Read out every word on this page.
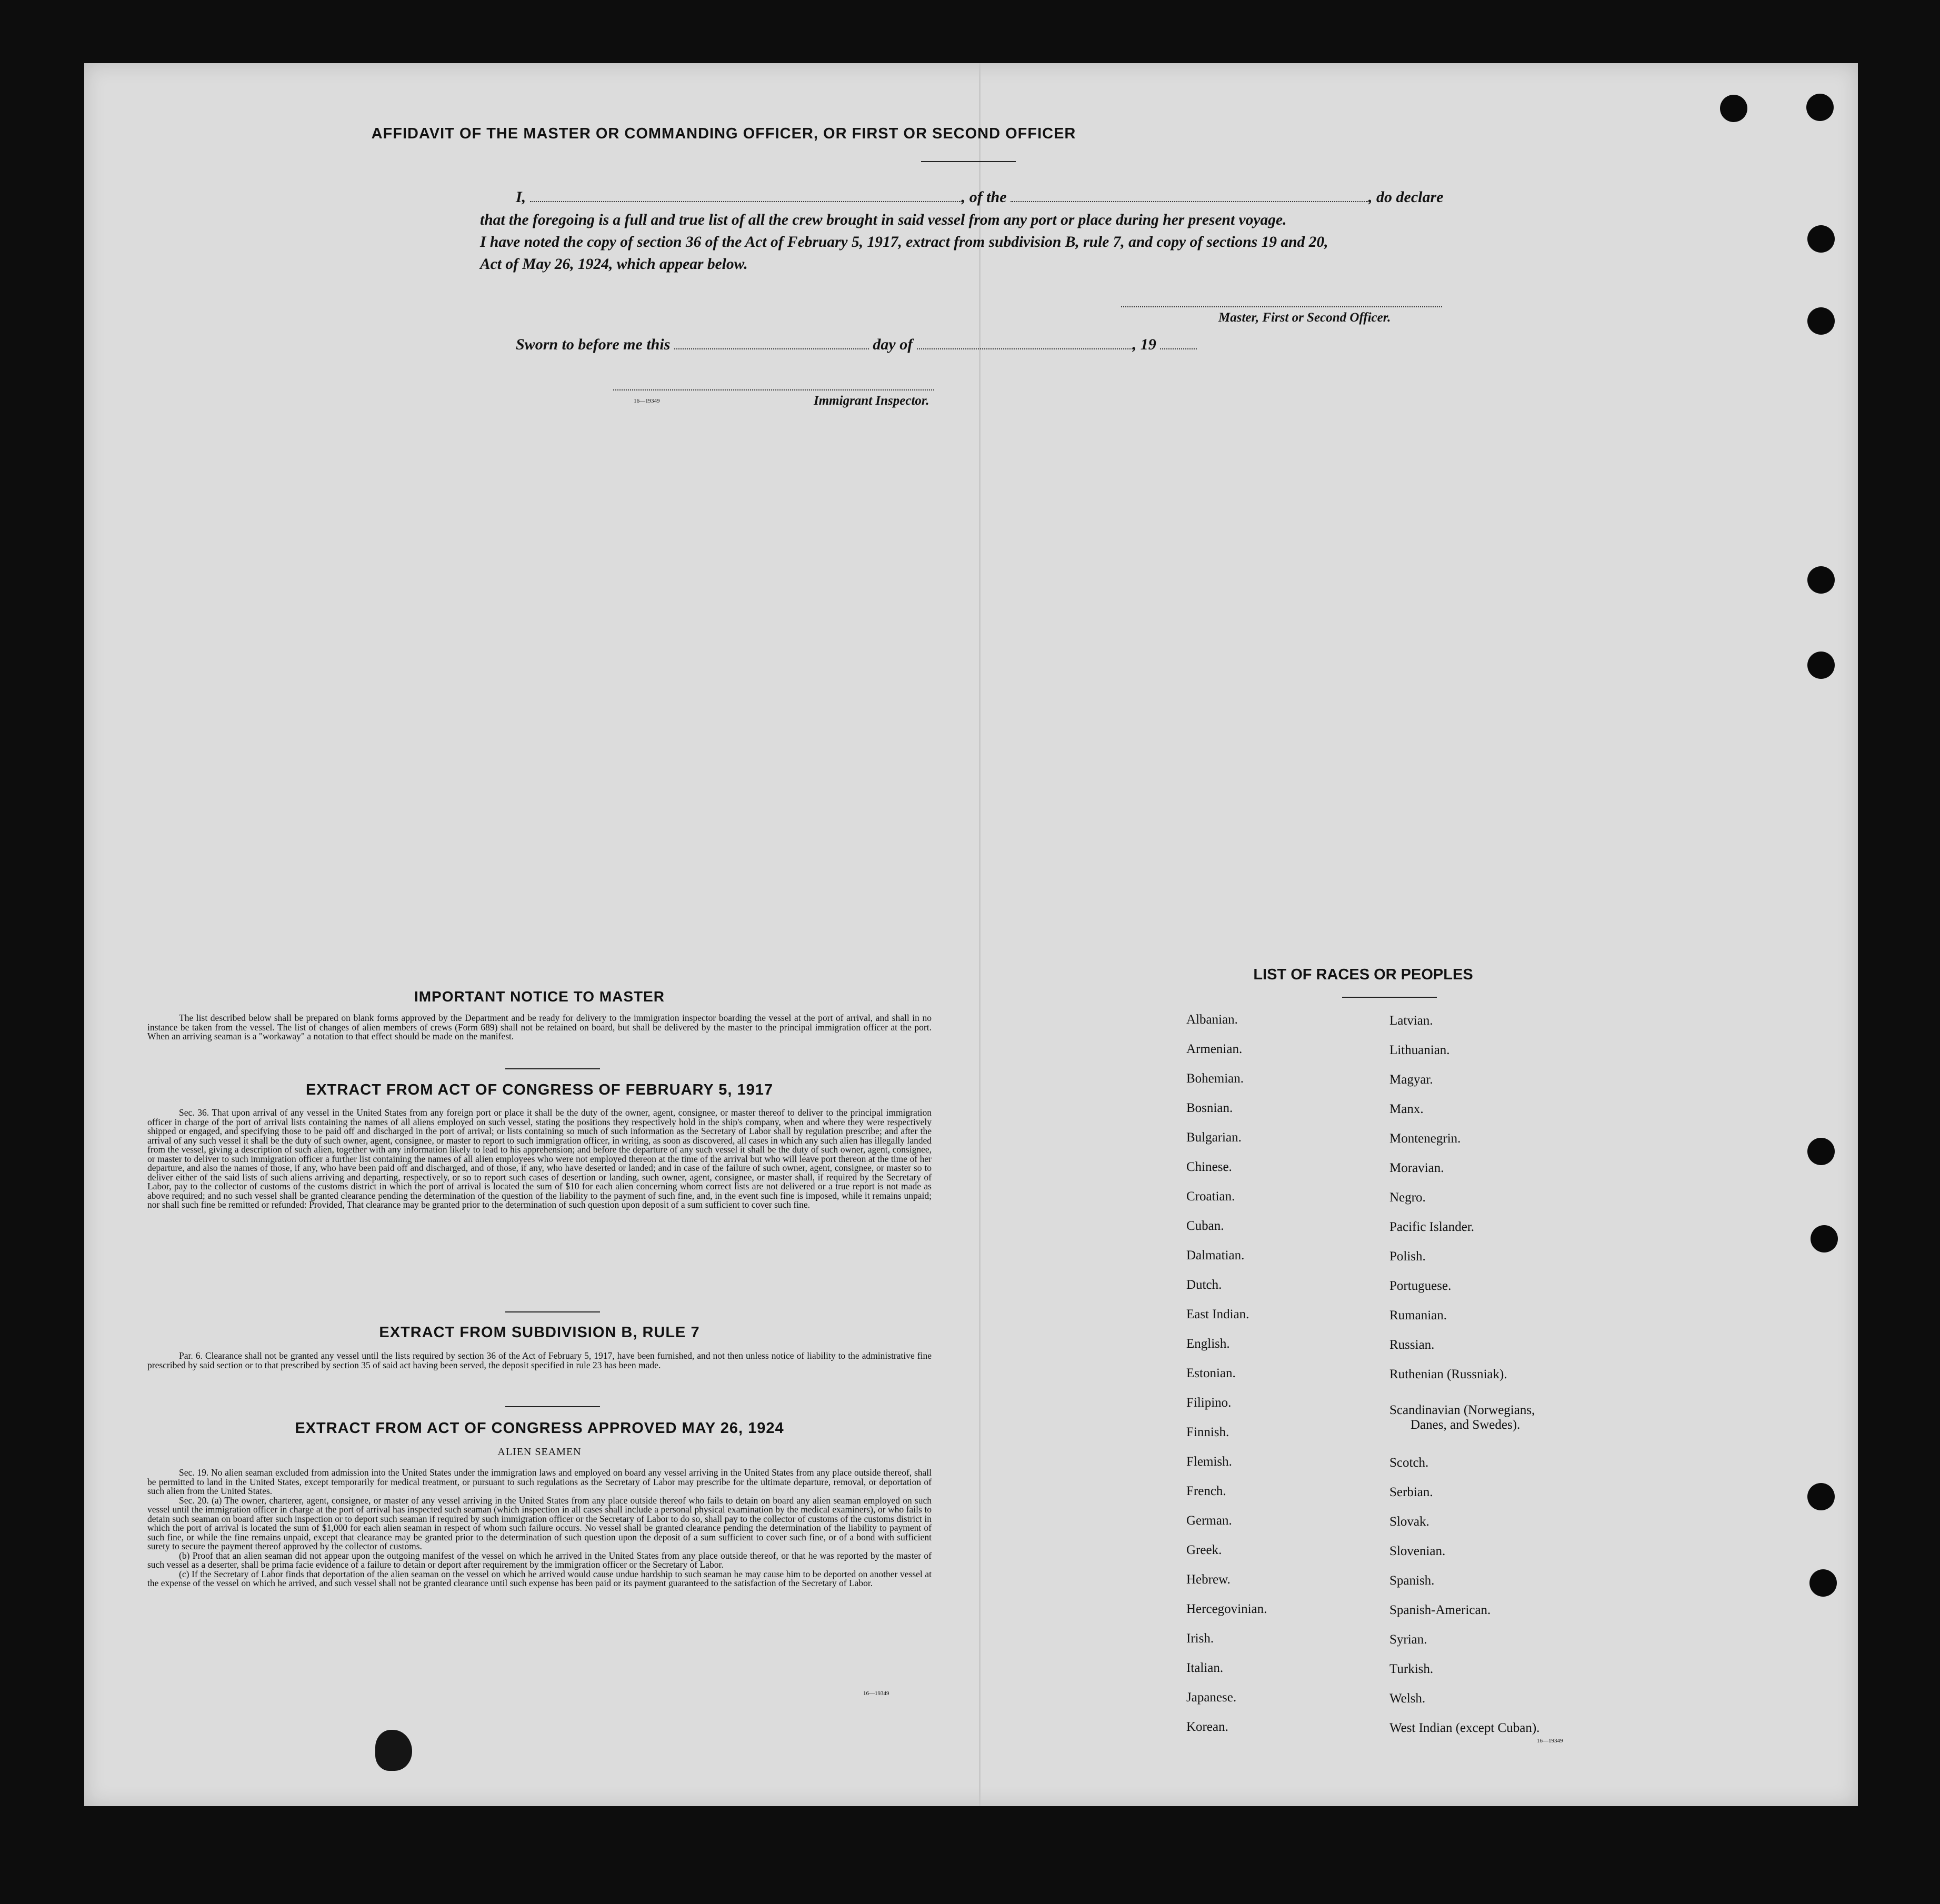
AFFIDAVIT OF THE MASTER OR COMMANDING OFFICER, OR FIRST OR SECOND OFFICER
I,	, of the	, do declare
that the foregoing is a full and true list of all the crew brought in said vessel from any port or place during her present voyage.
I have noted the copy of section 36 of the Act of February 5, 1917, extract from subdivision B, rule 7, and copy of sections 19 and 20,
Act of May 26, 1924, which appear below.
Master, First or Second Officer.
Sworn to before me this	day of	, 19
16—19349	Immigrant Inspector.
IMPORTANT NOTICE TO MASTER
The list described below shall be prepared on blank forms approved by the Department and be ready for delivery to the immigration inspector boarding the vessel at the port of arrival, and shall in no instance be taken from the vessel. The list of changes of alien members of crews (Form 689) shall not be retained on board, but shall be delivered by the master to the principal immigration officer at the port. When an arriving seaman is a "workaway" a notation to that effect should be made on the manifest.
EXTRACT FROM ACT OF CONGRESS OF FEBRUARY 5, 1917
Sec. 36. That upon arrival of any vessel in the United States from any foreign port or place it shall be the duty of the owner, agent, consignee, or master thereof to deliver to the principal immigration officer in charge of the port of arrival lists containing the names of all aliens employed on such vessel, stating the positions they respectively hold in the ship's company, when and where they were respectively shipped or engaged, and specifying those to be paid off and discharged in the port of arrival; or lists containing so much of such information as the Secretary of Labor shall by regulation prescribe; and after the arrival of any such vessel it shall be the duty of such owner, agent, consignee, or master to report to such immigration officer, in writing, as soon as discovered, all cases in which any such alien has illegally landed from the vessel, giving a description of such alien, together with any information likely to lead to his apprehension; and before the departure of any such vessel it shall be the duty of such owner, agent, consignee, or master to deliver to such immigration officer a further list containing the names of all alien employees who were not employed thereon at the time of the arrival but who will leave port thereon at the time of her departure, and also the names of those, if any, who have been paid off and discharged, and of those, if any, who have deserted or landed; and in case of the failure of such owner, agent, consignee, or master so to deliver either of the said lists of such aliens arriving and departing, respectively, or so to report such cases of desertion or landing, such owner, agent, consignee, or master shall, if required by the Secretary of Labor, pay to the collector of customs of the customs district in which the port of arrival is located the sum of $10 for each alien concerning whom correct lists are not delivered or a true report is not made as above required; and no such vessel shall be granted clearance pending the determination of the question of the liability to the payment of such fine, and, in the event such fine is imposed, while it remains unpaid; nor shall such fine be remitted or refunded: Provided, That clearance may be granted prior to the determination of such question upon deposit of a sum sufficient to cover such fine.
EXTRACT FROM SUBDIVISION B, RULE 7
Par. 6. Clearance shall not be granted any vessel until the lists required by section 36 of the Act of February 5, 1917, have been furnished, and not then unless notice of liability to the administrative fine prescribed by said section or to that prescribed by section 35 of said act having been served, the deposit specified in rule 23 has been made.
EXTRACT FROM ACT OF CONGRESS APPROVED MAY 26, 1924
ALIEN SEAMEN

Sec. 19. No alien seaman excluded from admission into the United States under the immigration laws and employed on board any vessel arriving in the United States from any place outside thereof, shall be permitted to land in the United States, except temporarily for medical treatment, or pursuant to such regulations as the Secretary of Labor may prescribe for the ultimate departure, removal, or deportation of such alien from the United States.

Sec. 20. (a) The owner, charterer, agent, consignee, or master of any vessel arriving in the United States from any place outside thereof who fails to detain on board any alien seaman employed on such vessel until the immigration officer in charge at the port of arrival has inspected such seaman (which inspection in all cases shall include a personal physical examination by the medical examiners), or who fails to detain such seaman on board after such inspection or to deport such seaman if required by such immigration officer or the Secretary of Labor to do so, shall pay to the collector of customs of the customs district in which the port of arrival is located the sum of $1,000 for each alien seaman in respect of whom such failure occurs. No vessel shall be granted clearance pending the determination of the liability to payment of such fine, or while the fine remains unpaid, except that clearance may be granted prior to the determination of such question upon the deposit of a sum sufficient to cover such fine, or of a bond with sufficient surety to secure the payment thereof approved by the collector of customs.

(b) Proof that an alien seaman did not appear upon the outgoing manifest of the vessel on which he arrived in the United States from any place outside thereof, or that he was reported by the master of such vessel as a deserter, shall be prima facie evidence of a failure to detain or deport after requirement by the immigration officer or the Secretary of Labor.

(c) If the Secretary of Labor finds that deportation of the alien seaman on the vessel on which he arrived would cause undue hardship to such seaman he may cause him to be deported on another vessel at the expense of the vessel on which he arrived, and such vessel shall not be granted clearance until such expense has been paid or its payment guaranteed to the satisfaction of the Secretary of Labor.

16—19349
LIST OF RACES OR PEOPLES
Albanian.
Armenian.
Bohemian.
Bosnian.
Bulgarian.
Chinese.
Croatian.
Cuban.
Dalmatian.
Dutch.
East Indian.
English.
Estonian.
Filipino.
Finnish.
Flemish.
French.
German.
Greek.
Hebrew.
Hercegovinian.
Irish.
Italian.
Japanese.
Korean.
Latvian.
Lithuanian.
Magyar.
Manx.
Montenegrin.
Moravian.
Negro.
Pacific Islander.
Polish.
Portuguese.
Rumanian.
Russian.
Ruthenian (Russniak).
Scandinavian (Norwegians,
Danes, and Swedes).
Scotch.
Serbian.
Slovak.
Slovenian.
Spanish.
Spanish-American.
Syrian.
Turkish.
Welsh.
West Indian (except Cuban).
16—19349
